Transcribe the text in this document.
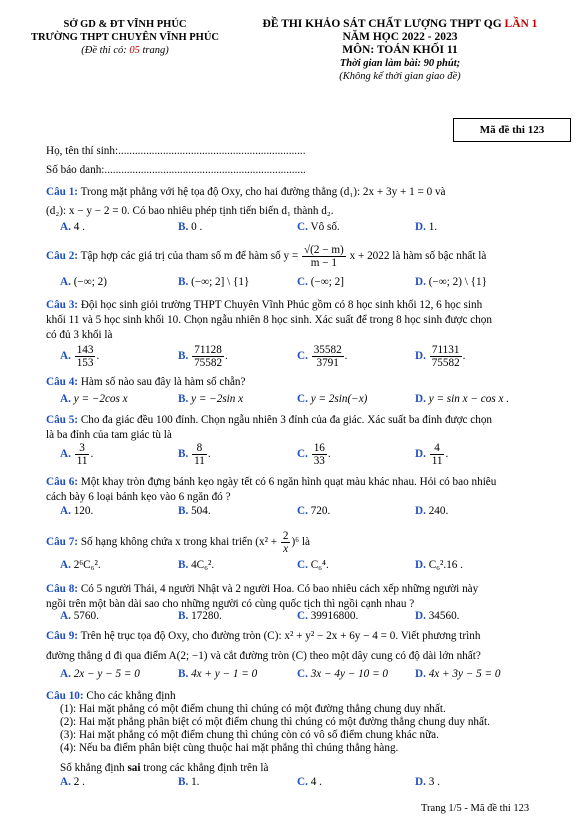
SỞ GD & ĐT VĨNH PHÚC
TRƯỜNG THPT CHUYÊN VĨNH PHÚC
(Đề thi có: 05 trang)
ĐỀ THI KHẢO SÁT CHẤT LƯỢNG THPT QG LẦN 1
NĂM HỌC 2022 - 2023
MÔN: TOÁN KHỐI 11
Thời gian làm bài: 90 phút;
(Không kể thời gian giao đề)
Mã đề thi 123
Họ, tên thí sinh:...................................................................
Số báo danh:........................................................................
Câu 1: Trong mặt phẳng với hệ tọa độ Oxy, cho hai đường thẳng (d₁): 2x + 3y + 1 = 0 và
(d₂): x − y − 2 = 0. Có bao nhiêu phép tịnh tiến biến d₁ thành d₂.
A. 4 .	B. 0 .	C. Vô số.	D. 1.
Câu 2: Tập hợp các giá trị của tham số m để hàm số $y = \frac{√(2 - m)}{m - 1}$ x + 2022 là hàm số bậc nhất là
A. (−∞; 2)	B. (−∞; 2] \ {1}	C. (−∞; 2]	D. (−∞; 2) \ {1}
Câu 3: Đội học sinh giỏi trường THPT Chuyên Vĩnh Phúc gồm có 8 học sinh khối 12, 6 học sinh
khối 11 và 5 học sinh khối 10. Chọn ngẫu nhiên 8 học sinh. Xác suất để trong 8 học sinh được chọn
có đủ 3 khối là
A. $\frac{143}{153}$ .	B. $\frac{71128}{75582}$ .	C. $\frac{35582}{3791}$ .	D. $\frac{71131}{75582}$ .
Câu 4: Hàm số nào sau đây là hàm số chẵn?
A. y = −2cos x	B. y = −2sin x	C. y = 2sin(−x)	D. y = sin x − cos x .
Câu 5: Cho đa giác đều 100 đỉnh. Chọn ngẫu nhiên 3 đỉnh của đa giác. Xác suất ba đỉnh được chọn
là ba đỉnh của tam giác tù là
A. $\frac{3}{11}$ .	B. $\frac{8}{11}$ .	C. $\frac{16}{33}$ .	D. $\frac{4}{11}$ .
Câu 6: Một khay tròn đựng bánh kẹo ngày tết có 6 ngăn hình quạt màu khác nhau. Hỏi có bao nhiêu
cách bày 6 loại bánh kẹo vào 6 ngăn đó ?
A. 120.	B. 504.	C. 720.	D. 240.
Câu 7: Số hạng không chứa x trong khai triển $(x^2 + \frac{2}{x} )^6$ là
A. 2⁶C₆².	B. 4C₆².	C. C₆⁴.	D. C₆².16 .
Câu 8: Có 5 người Thái, 4 người Nhật và 2 người Hoa. Có bao nhiêu cách xếp những người này
ngồi trên một bàn dài sao cho những người có cùng quốc tịch thì ngồi cạnh nhau ?
A. 5760.	B. 17280.	C. 39916800.	D. 34560.
Câu 9: Trên hệ trục tọa độ Oxy, cho đường tròn (C): x² + y² − 2x + 6y − 4 = 0. Viết phương trình
đường thẳng d đi qua điểm A(2; −1) và cắt đường tròn (C) theo một dây cung có độ dài lớn nhất?
A. 2x − y − 5 = 0	B. 4x + y − 1 = 0	C. 3x − 4y − 10 = 0 D. 4x + 3y − 5 = 0
Câu 10: Cho các khẳng định
(1): Hai mặt phẳng có một điểm chung thì chúng có một đường thẳng chung duy nhất.
(2): Hai mặt phẳng phân biệt có một điểm chung thì chúng có một đường thẳng chung duy nhất.
(3): Hai mặt phẳng có một điểm chung thì chúng còn có vô số điểm chung khác nữa.
(4): Nếu ba điểm phân biệt cùng thuộc hai mặt phẳng thì chúng thẳng hàng.
Số khẳng định sai trong các khẳng định trên là
A. 2 .	B. 1.	C. 4 .	D. 3 .
Trang 1/5 - Mã đề thi 123
